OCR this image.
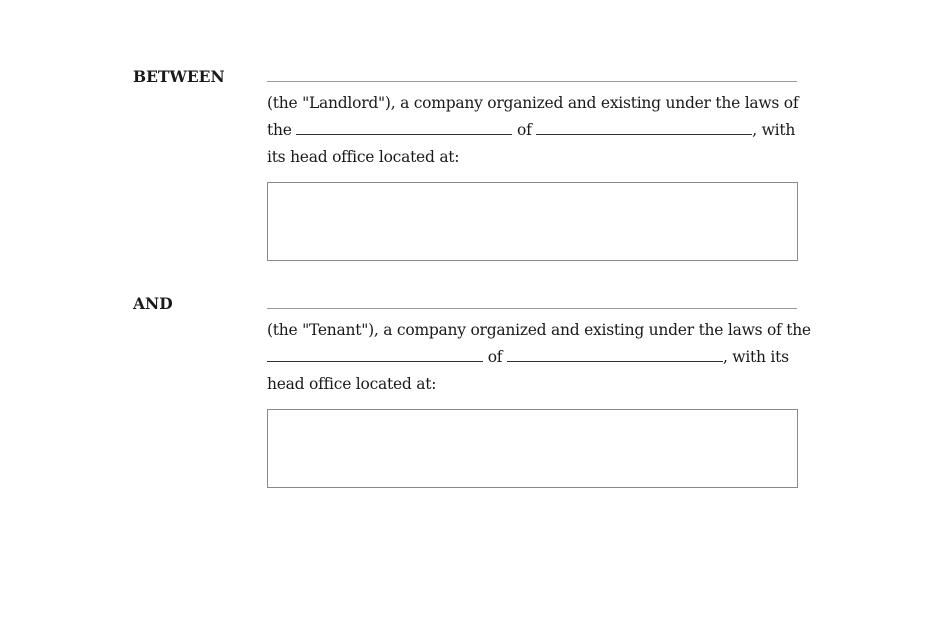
BETWEEN
(the "Landlord"), a company organized and existing under the laws of
the	of	, with
its head office located at:
AND
(the "Tenant"), a company organized and existing under the laws of the
of	, with its
head office located at:
